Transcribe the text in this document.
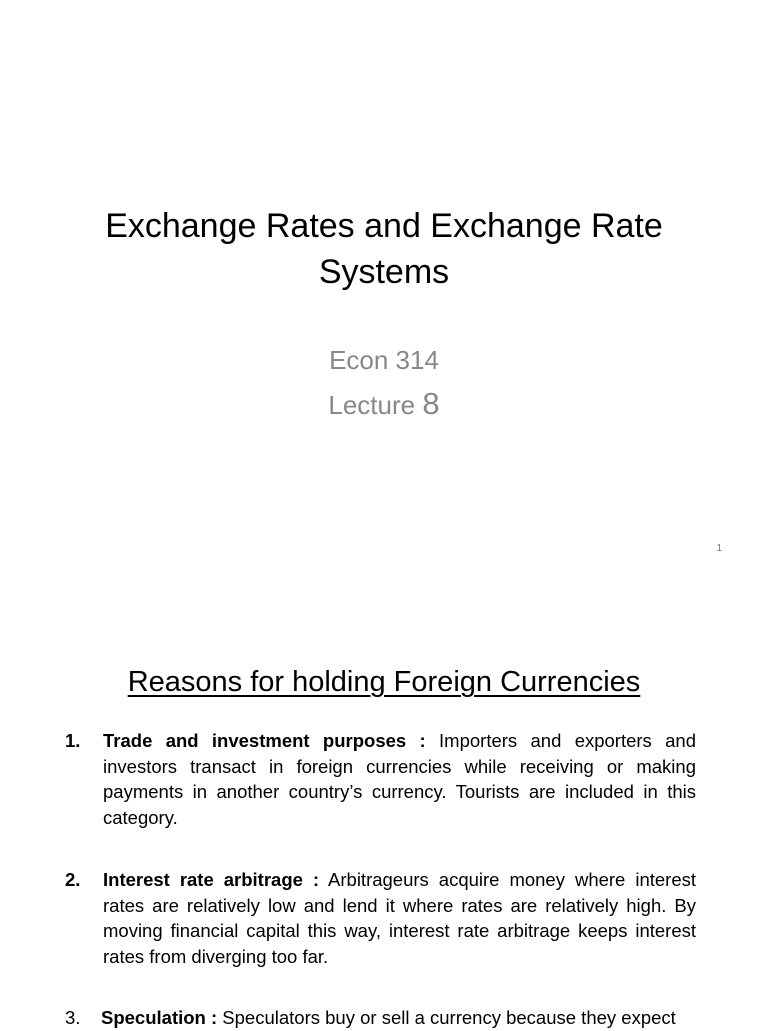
Exchange Rates and Exchange Rate
Systems
Econ 314
Lecture 8
1
Reasons for holding Foreign Currencies
1.	Trade and investment purposes : Importers and exporters and investors transact in foreign currencies while receiving or making payments in another country’s currency. Tourists are included in this category.
2.	Interest rate arbitrage : Arbitrageurs acquire money where interest rates are relatively low and lend it where rates are relatively high. By moving financial capital this way, interest rate arbitrage keeps interest rates from diverging too far.
3.	Speculation : Speculators buy or sell a currency because they expect
